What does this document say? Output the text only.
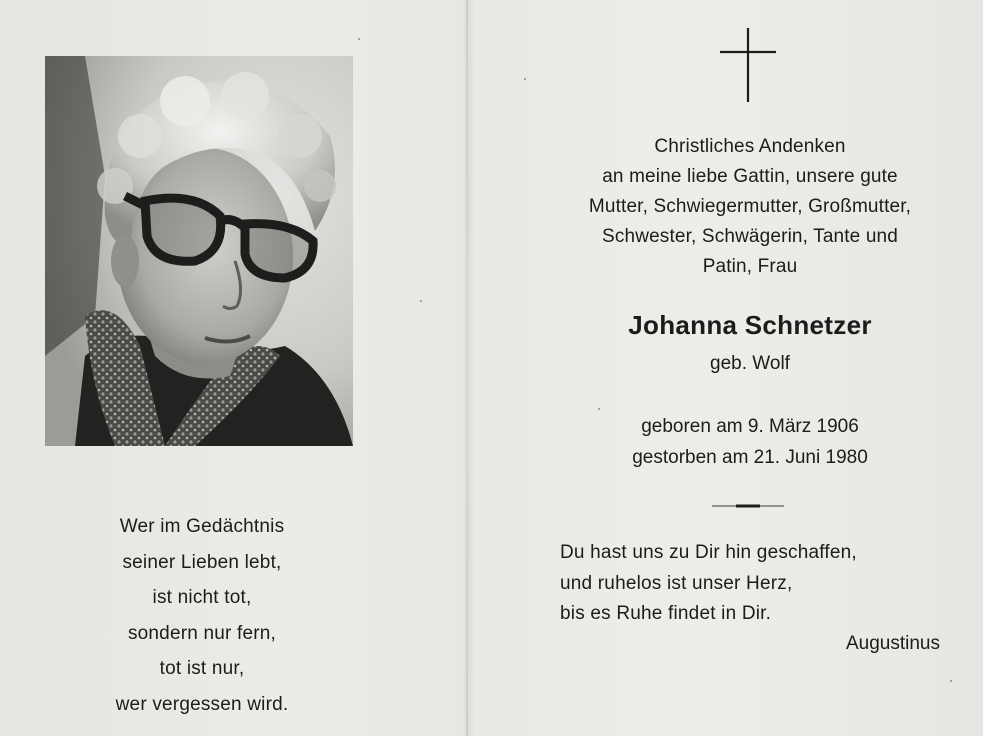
Wer im Gedächtnis
seiner Lieben lebt,
ist nicht tot,
sondern nur fern,
tot ist nur,
wer vergessen wird.
Christliches Andenken
an meine liebe Gattin, unsere gute
Mutter, Schwiegermutter, Großmutter,
Schwester, Schwägerin, Tante und
Patin, Frau
Johanna Schnetzer
geb. Wolf
geboren am 9. März 1906
gestorben am 21. Juni 1980
Du hast uns zu Dir hin geschaffen,
und ruhelos ist unser Herz,
bis es Ruhe findet in Dir.
Augustinus
